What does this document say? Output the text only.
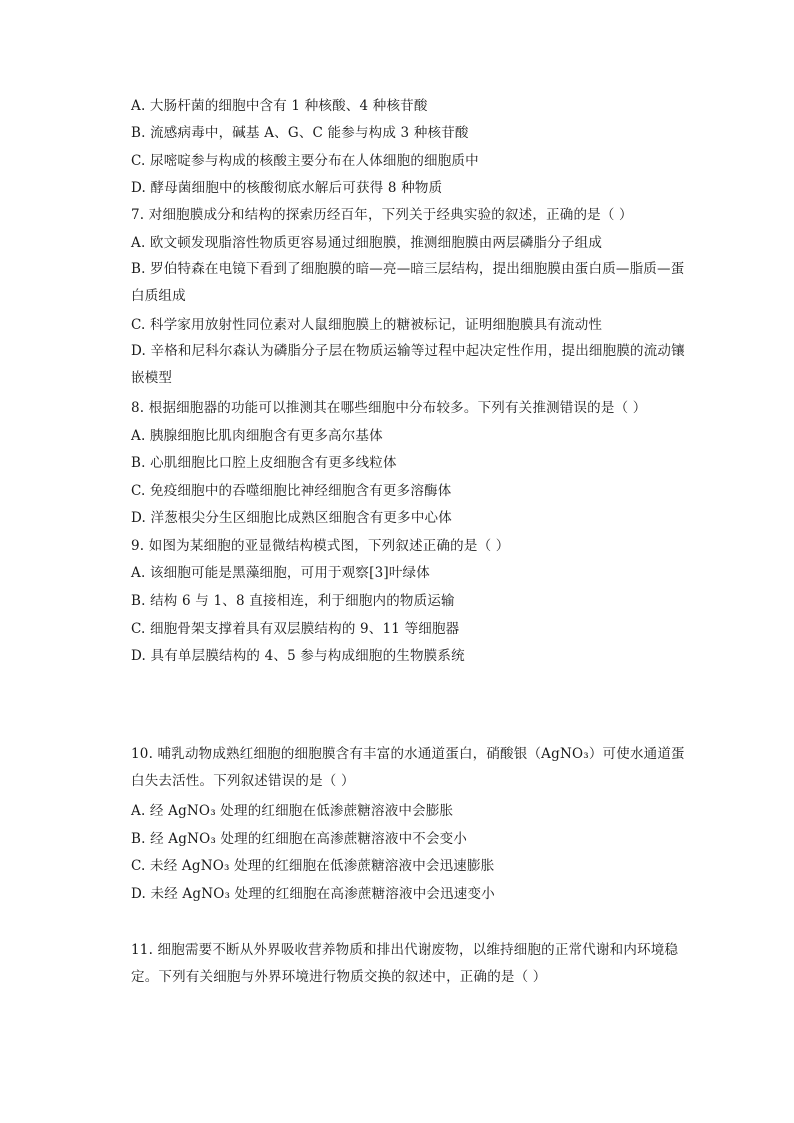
A. 大肠杆菌的细胞中含有 1 种核酸、4 种核苷酸
B. 流感病毒中，碱基 A、G、C 能参与构成 3 种核苷酸
C. 尿嘧啶参与构成的核酸主要分布在人体细胞的细胞质中
D. 酵母菌细胞中的核酸彻底水解后可获得 8 种物质
7. 对细胞膜成分和结构的探索历经百年，下列关于经典实验的叙述，正确的是（ ）
A. 欧文顿发现脂溶性物质更容易通过细胞膜，推测细胞膜由两层磷脂分子组成
B. 罗伯特森在电镜下看到了细胞膜的暗—亮—暗三层结构，提出细胞膜由蛋白质—脂质—蛋白质组成
C. 科学家用放射性同位素对人鼠细胞膜上的糖被标记，证明细胞膜具有流动性
D. 辛格和尼科尔森认为磷脂分子层在物质运输等过程中起决定性作用，提出细胞膜的流动镶嵌模型
8. 根据细胞器的功能可以推测其在哪些细胞中分布较多。下列有关推测错误的是（ ）
A. 胰腺细胞比肌肉细胞含有更多高尔基体
B. 心肌细胞比口腔上皮细胞含有更多线粒体
C. 免疫细胞中的吞噬细胞比神经细胞含有更多溶酶体
D. 洋葱根尖分生区细胞比成熟区细胞含有更多中心体
9. 如图为某细胞的亚显微结构模式图，下列叙述正确的是（ ）
A. 该细胞可能是黑藻细胞，可用于观察[3]叶绿体
B. 结构 6 与 1、8 直接相连，利于细胞内的物质运输
C. 细胞骨架支撑着具有双层膜结构的 9、11 等细胞器
D. 具有单层膜结构的 4、5 参与构成细胞的生物膜系统
10. 哺乳动物成熟红细胞的细胞膜含有丰富的水通道蛋白，硝酸银（AgNO₃）可使水通道蛋白失去活性。下列叙述错误的是（ ）
A. 经 AgNO₃ 处理的红细胞在低渗蔗糖溶液中会膨胀
B. 经 AgNO₃ 处理的红细胞在高渗蔗糖溶液中不会变小
C. 未经 AgNO₃ 处理的红细胞在低渗蔗糖溶液中会迅速膨胀
D. 未经 AgNO₃ 处理的红细胞在高渗蔗糖溶液中会迅速变小
11. 细胞需要不断从外界吸收营养物质和排出代谢废物，以维持细胞的正常代谢和内环境稳定。下列有关细胞与外界环境进行物质交换的叙述中，正确的是（ ）
